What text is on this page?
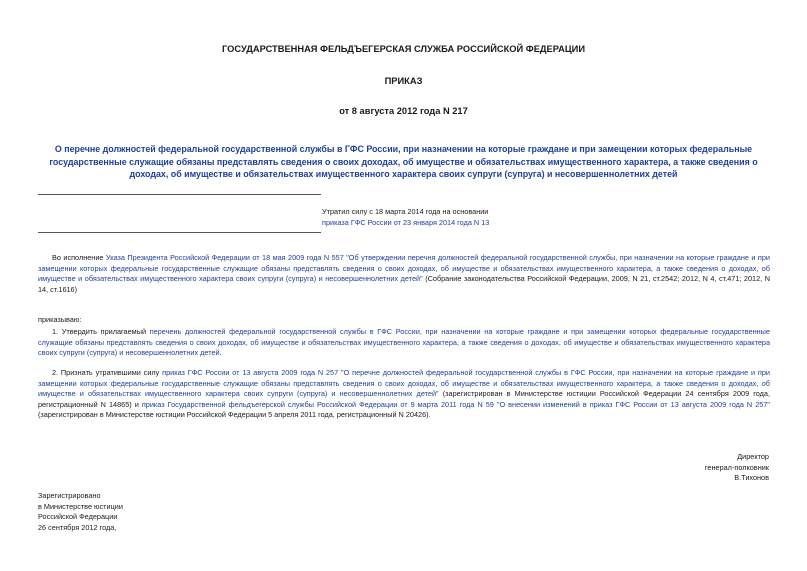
ГОСУДАРСТВЕННАЯ ФЕЛЬДЪЕГЕРСКАЯ СЛУЖБА РОССИЙСКОЙ ФЕДЕРАЦИИ
ПРИКАЗ
от 8 августа 2012 года N 217
О перечне должностей федеральной государственной службы в ГФС России, при назначении на которые граждане и при замещении которых федеральные
государственные служащие обязаны представлять сведения о своих доходах, об имуществе и обязательствах имущественного характера, а также сведения о
доходах, об имуществе и обязательствах имущественного характера своих супруги (супруга) и несовершеннолетних детей
Утратил силу с 18 марта 2014 года на основании
приказа ГФС России от 23 января 2014 года N 13
Во исполнение Указа Президента Российской Федерации от 18 мая 2009 года N 557 "Об утверждении перечня должностей федеральной государственной службы, при назначении на которые граждане и при замещении которых федеральные государственные служащие обязаны представлять сведения о своих доходах, об имуществе и обязательствах имущественного характера, а также сведения о доходах, об имуществе и обязательствах имущественного характера своих супруги (супруга) и несовершеннолетних детей" (Собрание законодательства Российской Федерации, 2009, N 21, ст.2542; 2012, N 4, ст.471; 2012, N 14, ст.1616)
приказываю:
1. Утвердить прилагаемый перечень должностей федеральной государственной службы в ГФС России, при назначении на которые граждане и при замещении которых федеральные государственные служащие обязаны представлять сведения о своих доходах, об имуществе и обязательствах имущественного характера, а также сведения о доходах, об имуществе и обязательствах имущественного характера своих супруги (супруга) и несовершеннолетних детей.
2. Признать утратившими силу приказ ГФС России от 13 августа 2009 года N 257 "О перечне должностей федеральной государственной службы в ГФС России, при назначении на которые граждане и при замещении которых федеральные государственные служащие обязаны представлять сведения о своих доходах, об имуществе и обязательствах имущественного характера, а также сведения о доходах, об имуществе и обязательствах имущественного характера своих супруги (супруга) и несовершеннолетних детей" (зарегистрирован в Министерстве юстиции Российской Федерации 24 сентября 2009 года, регистрационный N 14865) и приказ Государственной фельдъегерской службы Российской Федерации от 9 марта 2011 года N 59 "О внесении изменений в приказ ГФС России от 13 августа 2009 года N 257" (зарегистрирован в Министерстве юстиции Российской Федерации 5 апреля 2011 года, регистрационный N 20426).
Директор
генерал-полковник
В.Тихонов
Зарегистрировано
в Министерстве юстиции
Российской Федерации
26 сентября 2012 года,
